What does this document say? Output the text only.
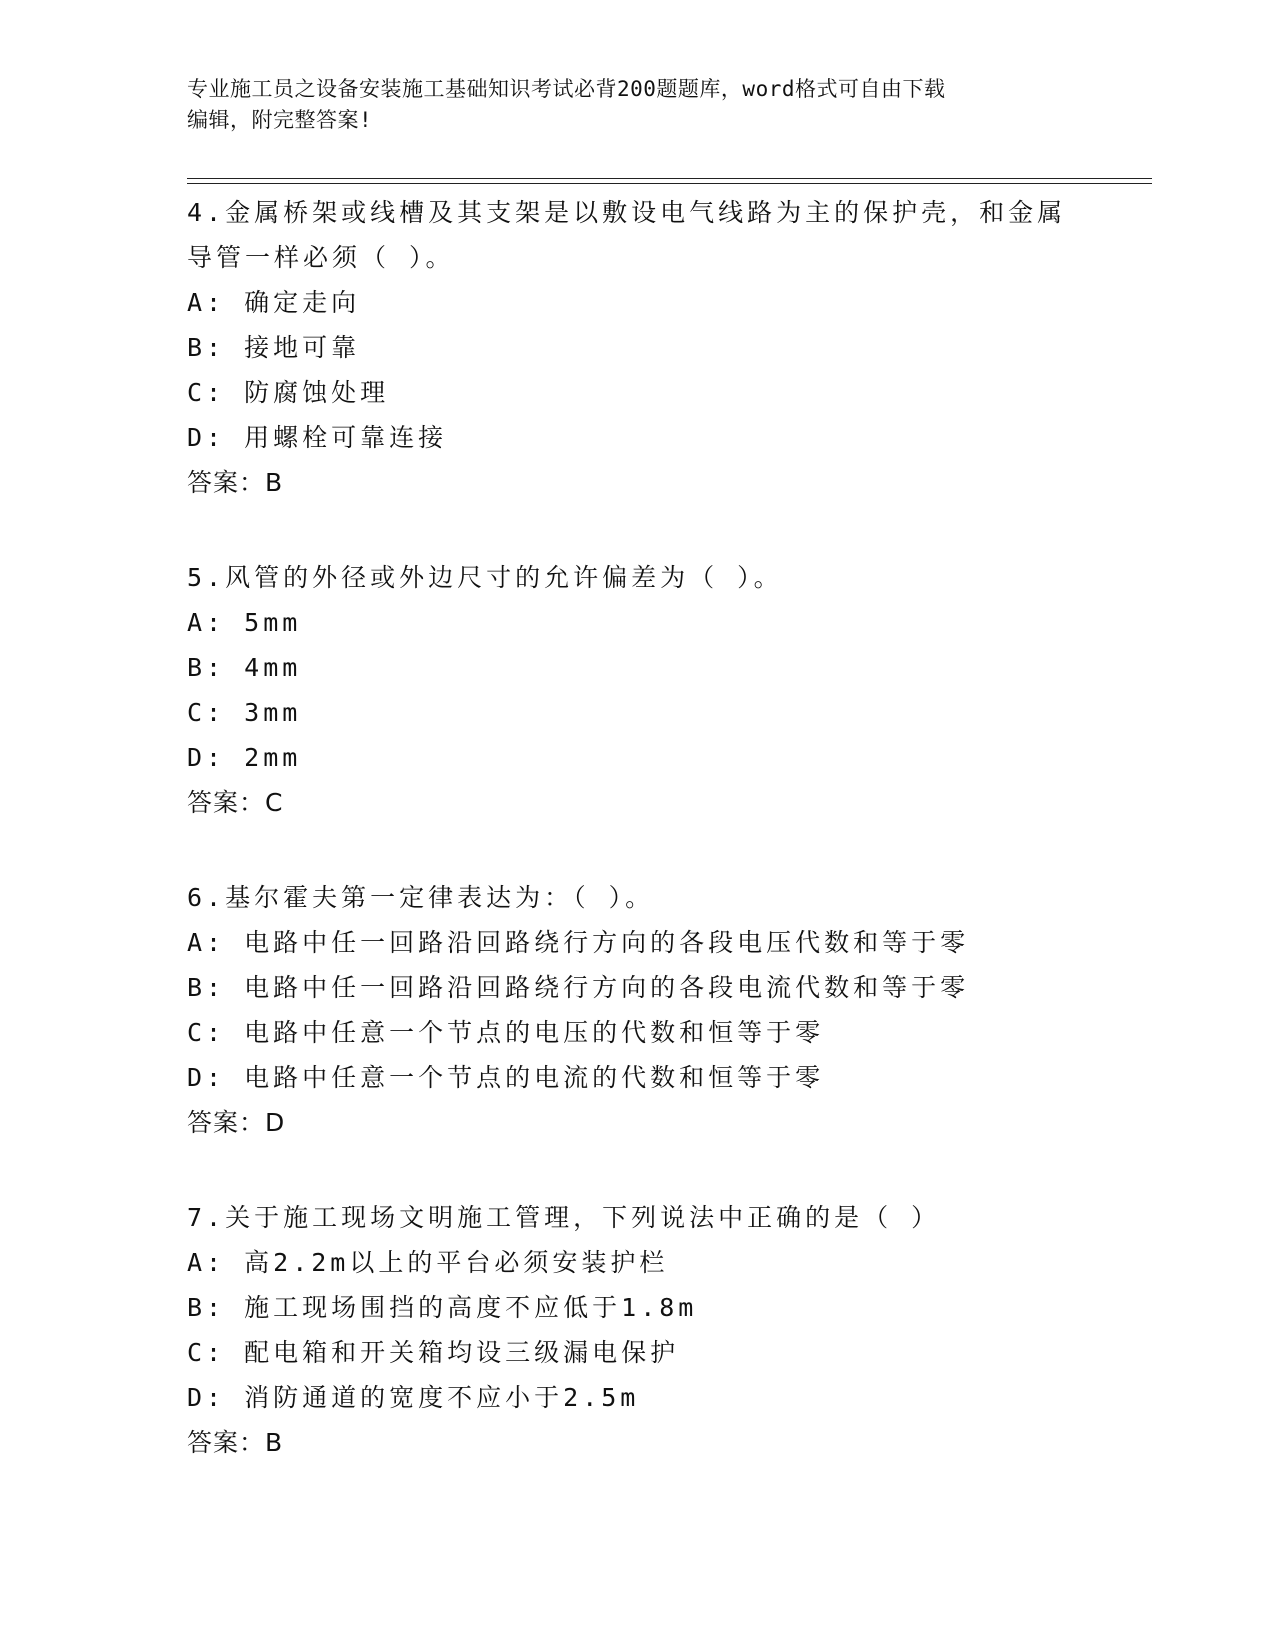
专业施工员之设备安装施工基础知识考试必背200题题库，word格式可自由下载
编辑，附完整答案!
4.金属桥架或线槽及其支架是以敷设电气线路为主的保护壳，和金属
导管一样必须（ ）。
A: 确定走向
B: 接地可靠
C: 防腐蚀处理
D: 用螺栓可靠连接
答案：B
5.风管的外径或外边尺寸的允许偏差为（ ）。
A: 5mm
B: 4mm
C: 3mm
D: 2mm
答案：C
6.基尔霍夫第一定律表达为：（ ）。
A: 电路中任一回路沿回路绕行方向的各段电压代数和等于零
B: 电路中任一回路沿回路绕行方向的各段电流代数和等于零
C: 电路中任意一个节点的电压的代数和恒等于零
D: 电路中任意一个节点的电流的代数和恒等于零
答案：D
7.关于施工现场文明施工管理，下列说法中正确的是（ ）
A: 高2.2m以上的平台必须安装护栏
B: 施工现场围挡的高度不应低于1.8m
C: 配电箱和开关箱均设三级漏电保护
D: 消防通道的宽度不应小于2.5m
答案：B
